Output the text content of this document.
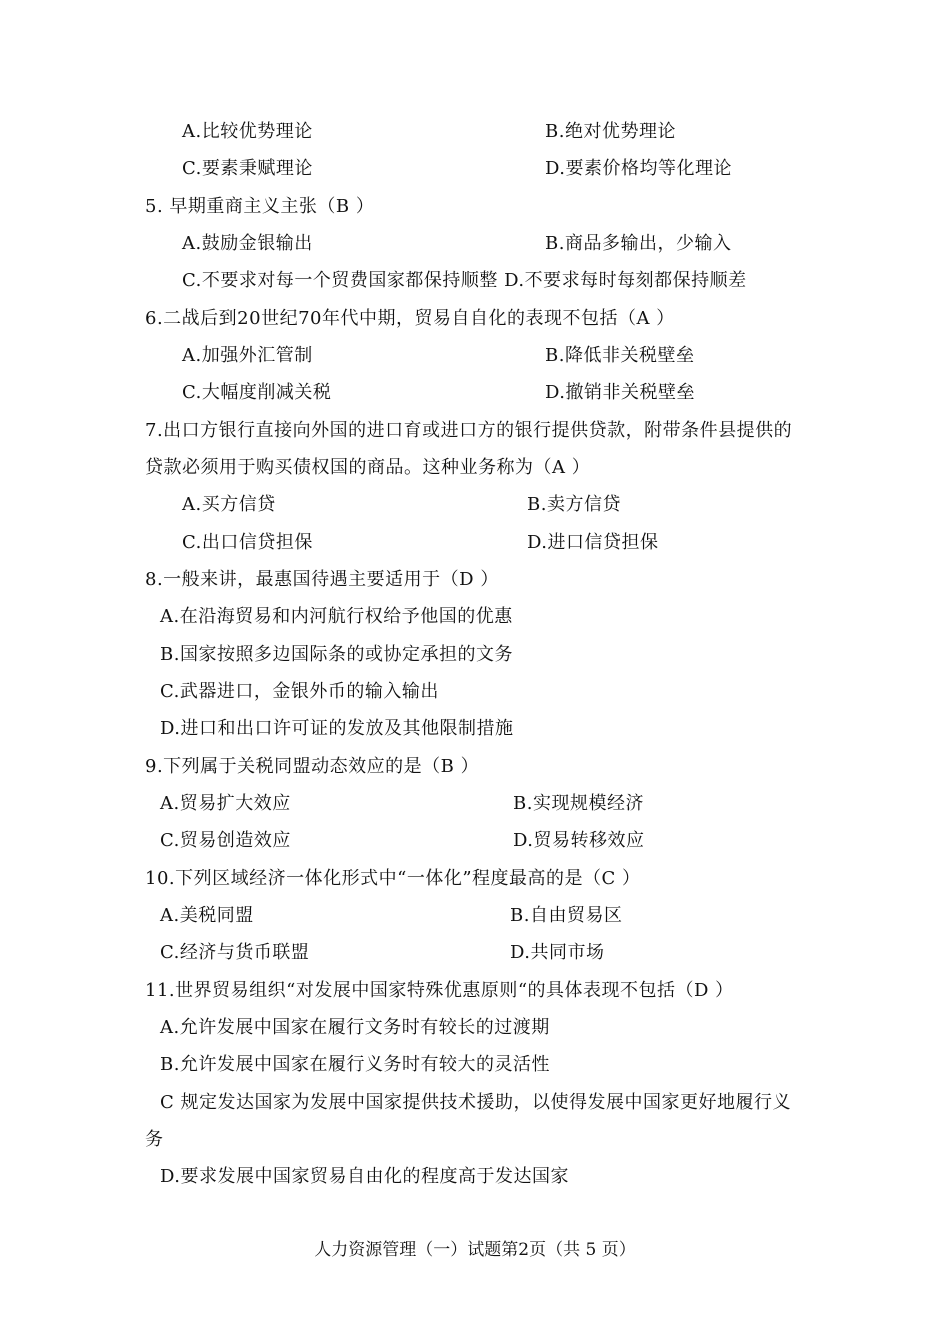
A.比较优势理论	B.绝对优势理论
C.要素秉赋理论	D.要素价格均等化理论
5. 早期重商主义主张（B ）
A.鼓励金银输出	B.商品多输出，少输入
C.不要求对每一个贸费国家都保持顺整 D.不要求每时每刻都保持顺差
6.二战后到20世纪70年代中期，贸易自自化的表现不包括（A ）
A.加强外汇管制	B.降低非关税壁垒
C.大幅度削减关税	D.撤销非关税壁垒
7.出口方银行直接向外国的进口育或进口方的银行提供贷款，附带条件县提供的
贷款必须用于购买债权国的商品。这种业务称为（A ）
A.买方信贷	B.卖方信贷
C.出口信贷担保	D.进口信贷担保
8.一般来讲，最惠国待遇主要适用于（D ）
A.在沿海贸易和内河航行权给予他国的优惠
B.国家按照多边国际条的或协定承担的文务
C.武器进口，金银外币的输入输出
D.进口和出口许可证的发放及其他限制措施
9.下列属于关税同盟动态效应的是（B ）
A.贸易扩大效应	B.实现规模经济
C.贸易创造效应	D.贸易转移效应
10.下列区域经济一体化形式中“一体化”程度最高的是（C ）
A.美税同盟	B.自由贸易区
C.经济与货币联盟	D.共同市场
11.世界贸易组织“对发展中国家特殊优惠原则“的具体表现不包括（D ）
A.允许发展中国家在履行文务时有较长的过渡期
B.允许发展中国家在履行义务时有较大的灵活性
C 规定发达国家为发展中国家提供技术援助，以使得发展中国家更好地履行义
务
D.要求发展中国家贸易自由化的程度高于发达国家
人力资源管理（一）试题第2页（共 5 页）
